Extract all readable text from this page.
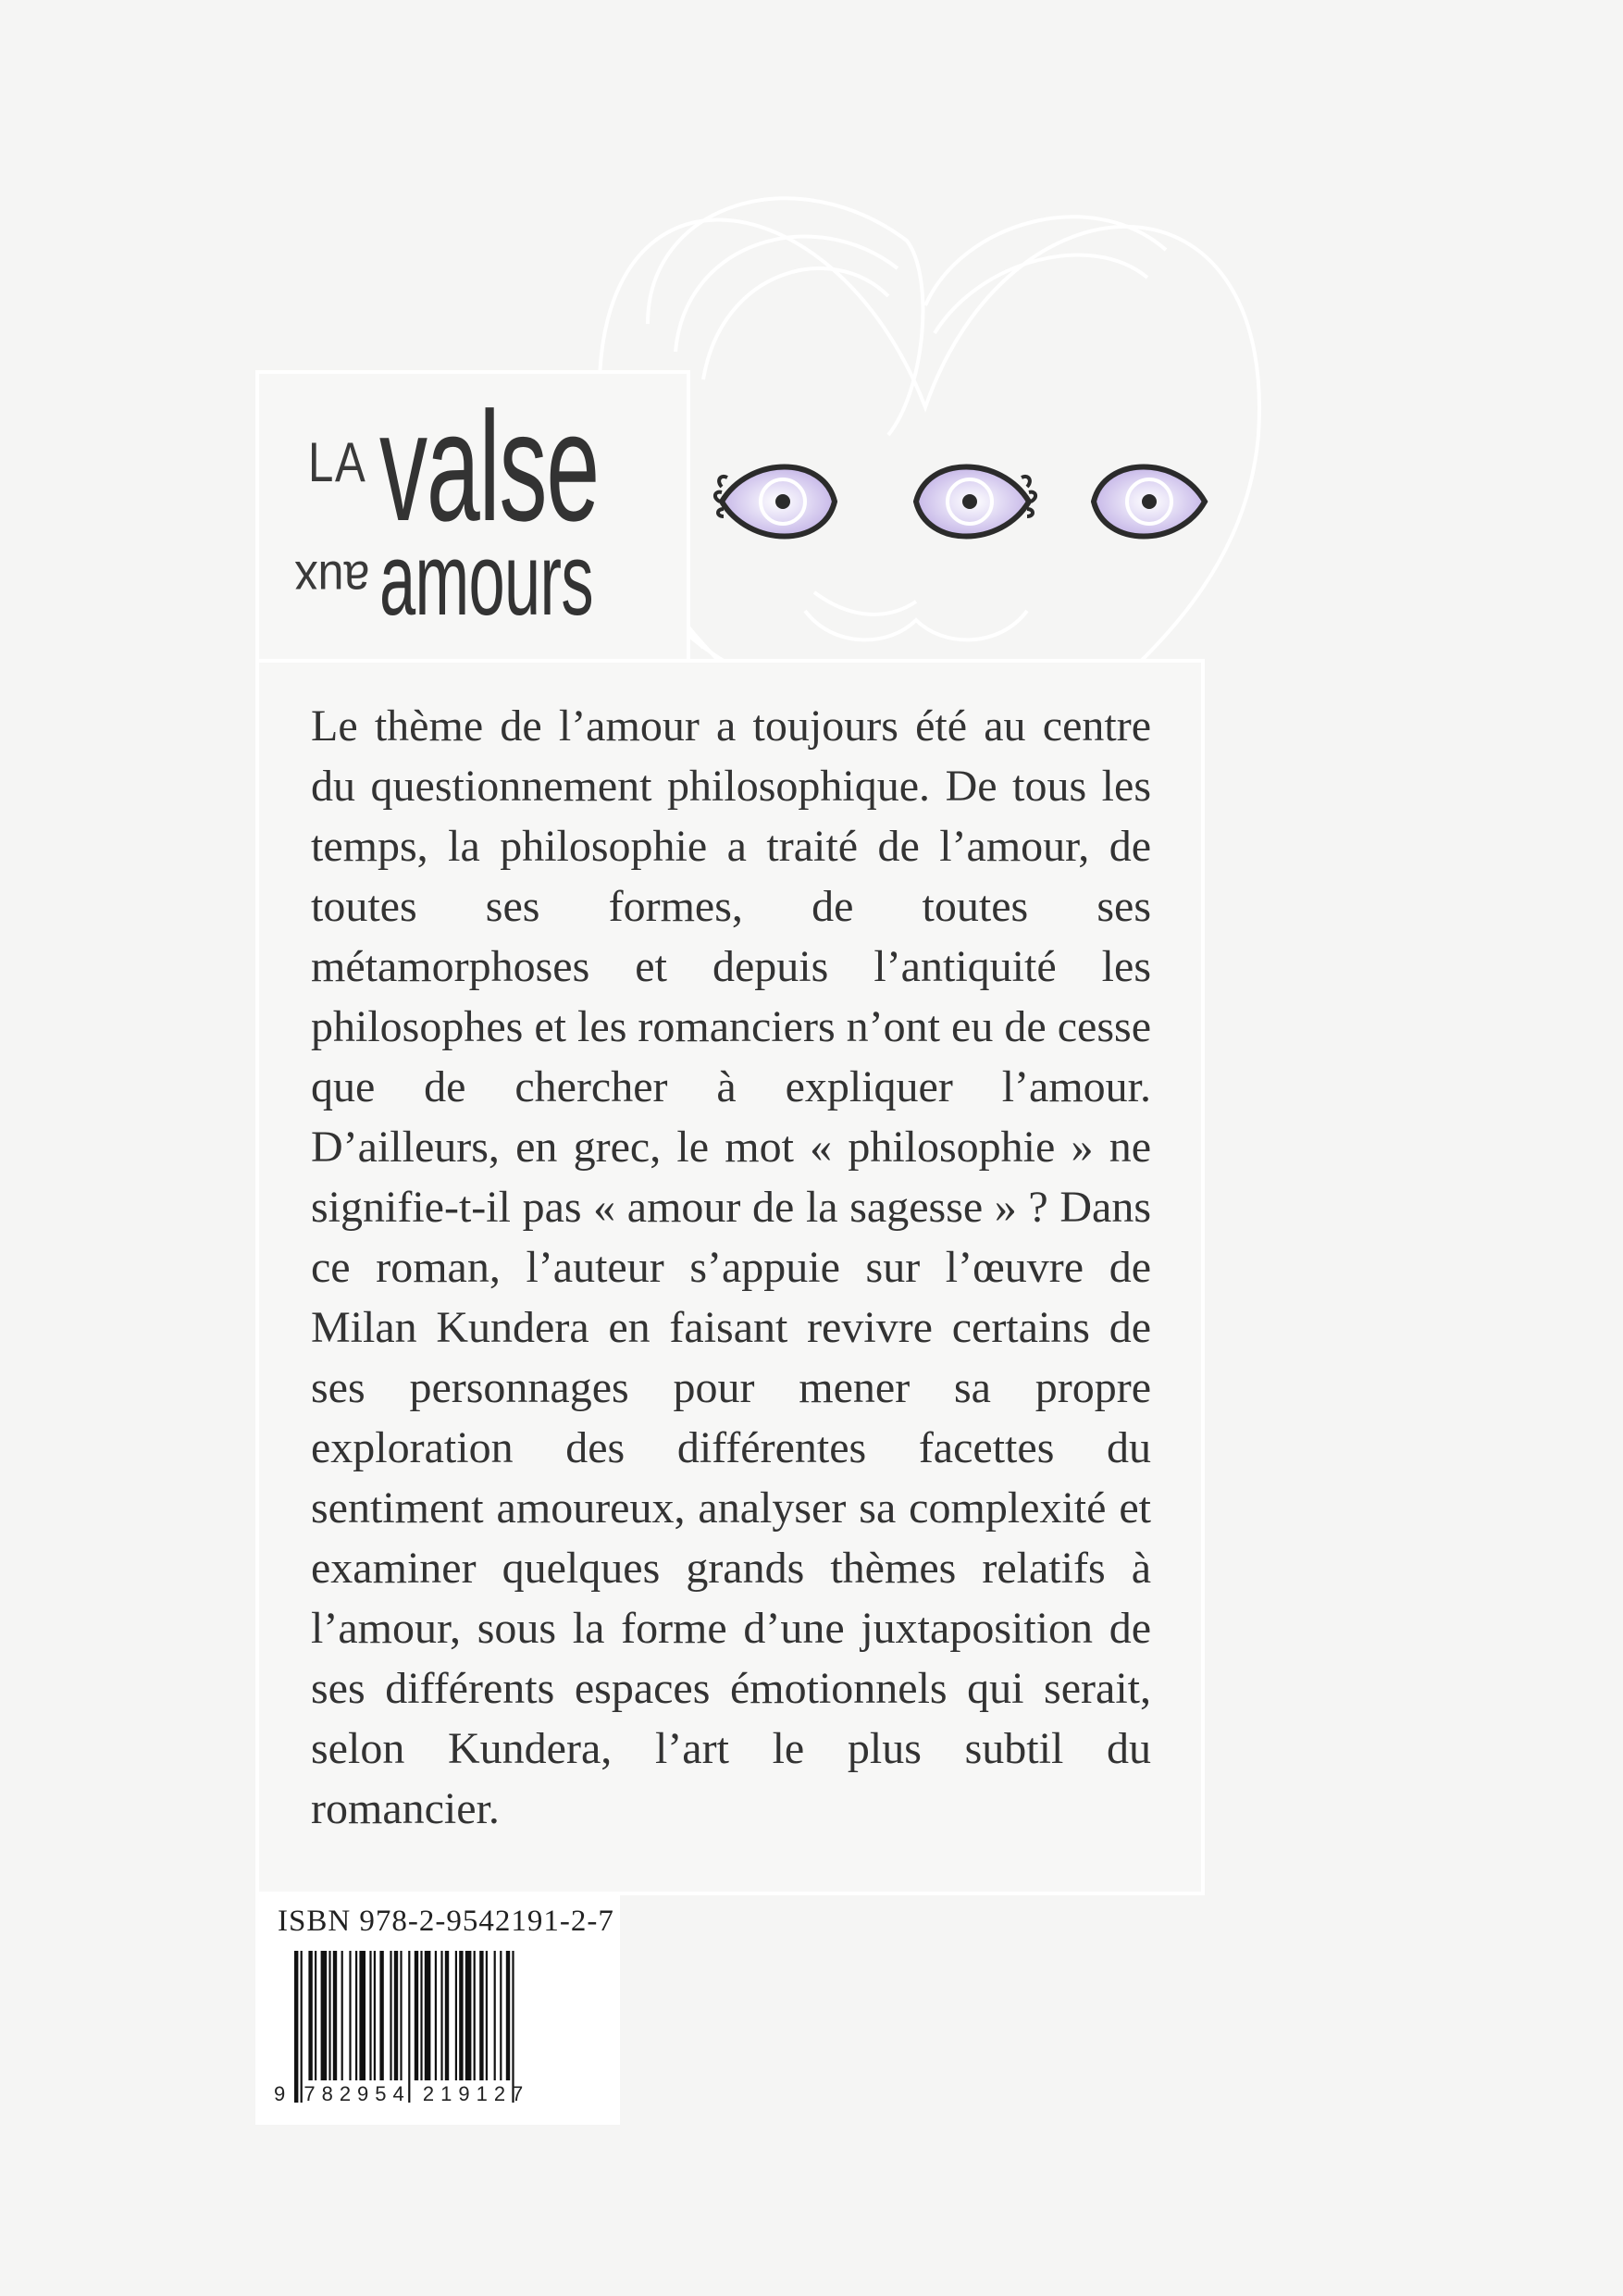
LA
aux
valse
amours
Le thème de l’amour a toujours été au centre du questionnement philosophique. De tous les temps, la philosophie a traité de l’amour, de toutes ses formes, de toutes ses métamorphoses et depuis l’antiquité les philosophes et les romanciers n’ont eu de cesse que de chercher à expliquer l’amour. D’ailleurs, en grec, le mot « philosophie » ne signifie-t-il pas « amour de la sagesse » ? Dans ce roman, l’auteur s’appuie sur l’œuvre de Milan Kundera en faisant revivre certains de ses personnages pour mener sa propre exploration des différentes facettes du sentiment amoureux, analyser sa complexité et examiner quelques grands thèmes relatifs à l’amour, sous la forme d’une juxtaposition de ses différents espaces émotionnels qui serait, selon Kundera, l’art le plus subtil du romancier.
ISBN 978-2-9542191-2-7
9 782954 219127
